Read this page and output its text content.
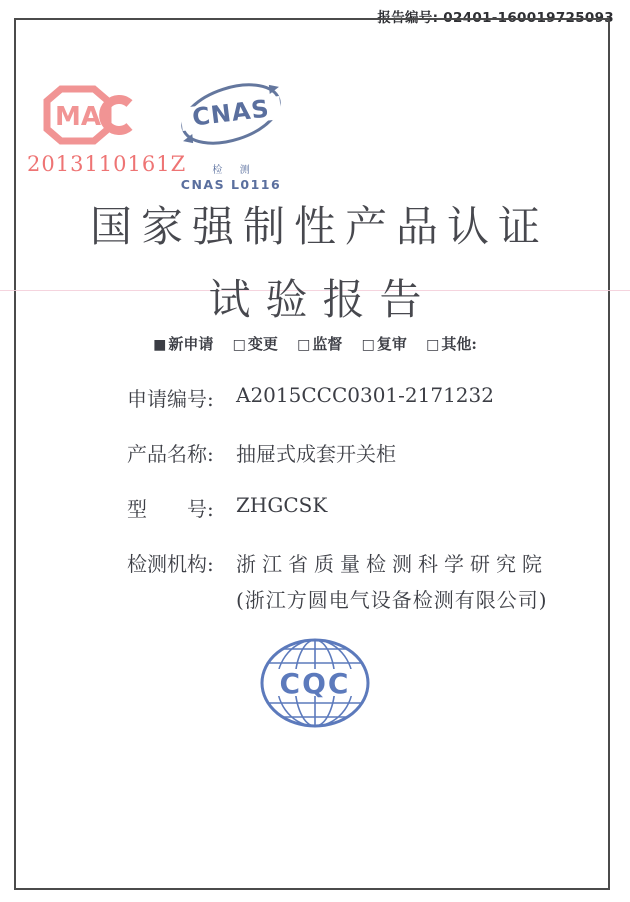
报告编号: 02401-160019725093
MA
2013110161Z
CNAS
检 测
CNAS L0116
国家强制性产品认证
试验报告
■ 新申请 □ 变更 □ 监督 □ 复审 □ 其他:
申请编号:	A2015CCC0301-2171232
产品名称:	抽屉式成套开关柜
型　　号:	ZHGCSK
检测机构:	浙江省质量检测科学研究院
(浙江方圆电气设备检测有限公司)
CQC
